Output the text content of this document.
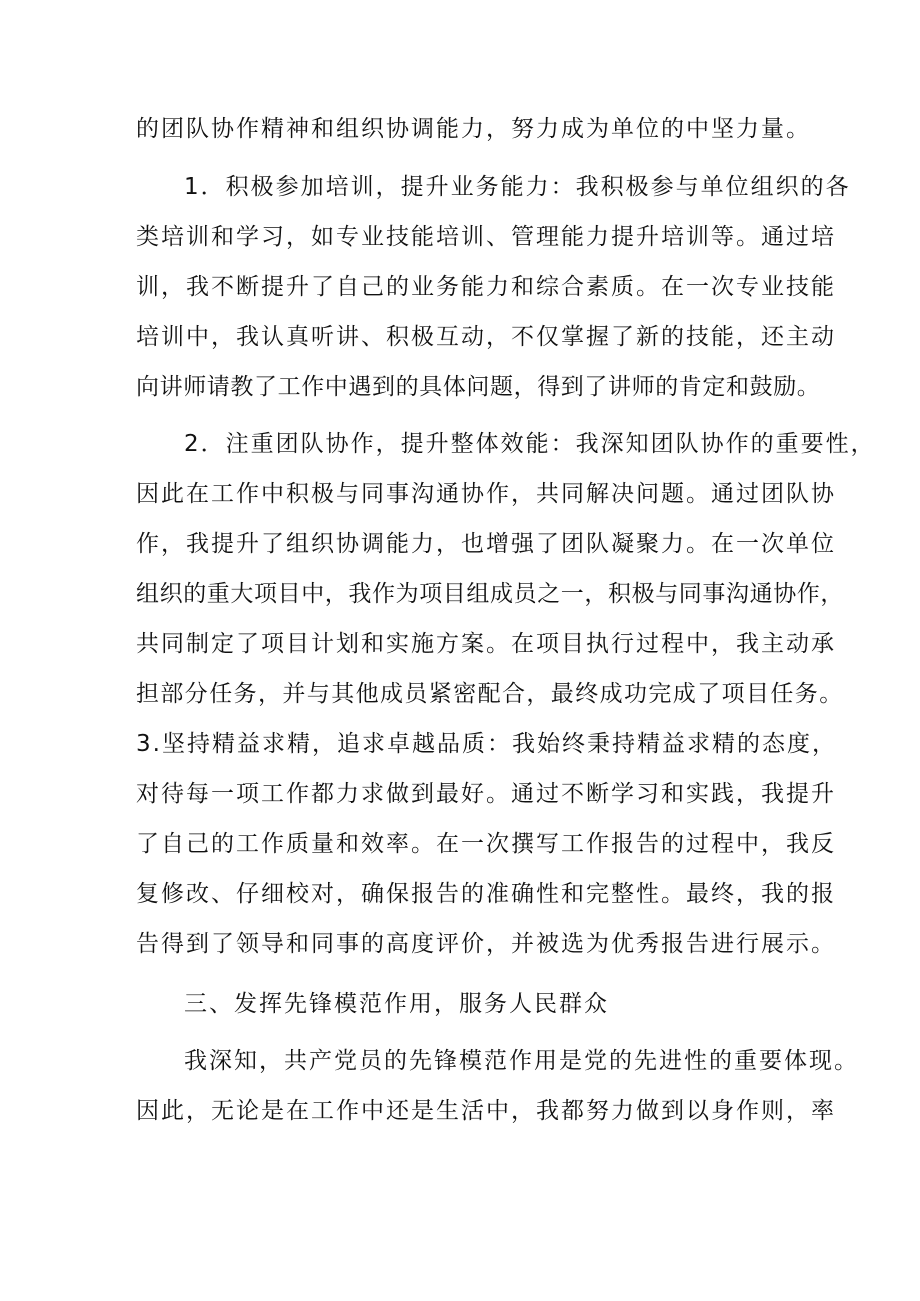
的团队协作精神和组织协调能力，努力成为单位的中坚力量。
1．积极参加培训，提升业务能力：我积极参与单位组织的各
类培训和学习，如专业技能培训、管理能力提升培训等。通过培
训，我不断提升了自己的业务能力和综合素质。在一次专业技能
培训中，我认真听讲、积极互动，不仅掌握了新的技能，还主动
向讲师请教了工作中遇到的具体问题，得到了讲师的肯定和鼓励。
2．注重团队协作，提升整体效能：我深知团队协作的重要性，
因此在工作中积极与同事沟通协作，共同解决问题。通过团队协
作，我提升了组织协调能力，也增强了团队凝聚力。在一次单位
组织的重大项目中，我作为项目组成员之一，积极与同事沟通协作，
共同制定了项目计划和实施方案。在项目执行过程中，我主动承
担部分任务，并与其他成员紧密配合，最终成功完成了项目任务。
3.坚持精益求精，追求卓越品质：我始终秉持精益求精的态度，
对待每一项工作都力求做到最好。通过不断学习和实践，我提升
了自己的工作质量和效率。在一次撰写工作报告的过程中，我反
复修改、仔细校对，确保报告的准确性和完整性。最终，我的报
告得到了领导和同事的高度评价，并被选为优秀报告进行展示。
三、发挥先锋模范作用，服务人民群众
我深知，共产党员的先锋模范作用是党的先进性的重要体现。
因此，无论是在工作中还是生活中，我都努力做到以身作则，率
